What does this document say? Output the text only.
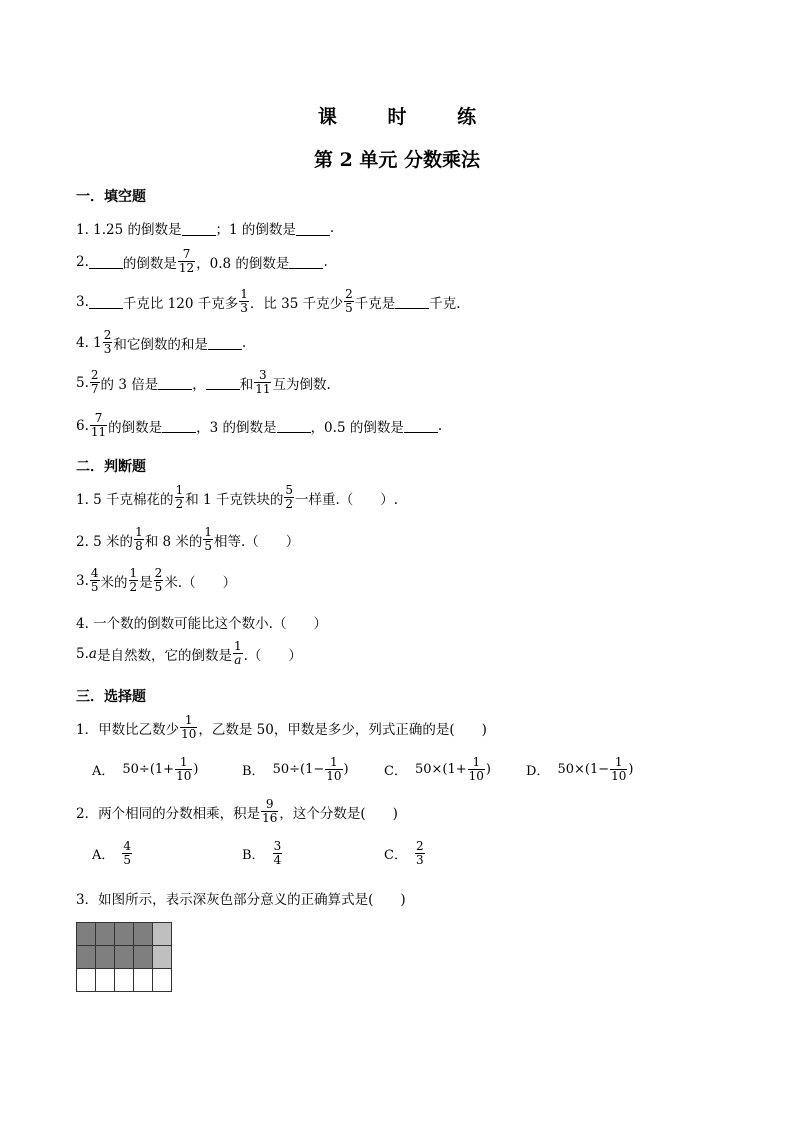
课 时 练
第 2 单元 分数乘法
一．填空题
1. 1.25 的倒数是	；1 的倒数是	.
2.	的倒数是 $\frac{7}{12}$ ，0.8 的倒数是	.
3.	千克比 120 千克多 $\frac{1}{3}$ ．比 35 千克少 $\frac{2}{5}$ 千克是	千克.
4. $1 \frac{2}{3}$ 和它倒数的和是	.
5. $\frac{2}{7}$ 的 3 倍是	，	和 $\frac{3}{11}$ 互为倒数.
6. $\frac{7}{11}$ 的倒数是	，3 的倒数是	，0.5 的倒数是	.
二．判断题
1. 5 千克棉花的 $\frac{1}{2}$ 和 1 千克铁块的 $\frac{5}{2}$ 一样重.（　　）.
2. 5 米的 $\frac{1}{8}$ 和 8 米的 $\frac{1}{5}$ 相等.（　　）
3. $\frac{4}{5}$ 米的 $\frac{1}{2}$ 是 $\frac{2}{5}$ 米.（　　）
4. 一个数的倒数可能比这个数小.（　　）
5. a 是自然数，它的倒数是 $\frac{1}{a}$ .（　　）
三．选择题
1．甲数比乙数少 $\frac{1}{10}$ ，乙数是 50，甲数是多少，列式正确的是(　　)
A． $50\div(1+ \frac{1}{10}$ )	B． $50\div(1- \frac{1}{10}$ )	C． $50\times(1+ \frac{1}{10}$ )	D． $50\times(1- \frac{1}{10}$ )
2．两个相同的分数相乘，积是 $\frac{9}{16}$ ，这个分数是(　　)
A． $\frac{4}{5}$	B． $\frac{3}{4}$	C． $\frac{2}{3}$
3．如图所示，表示深灰色部分意义的正确算式是(　　)
